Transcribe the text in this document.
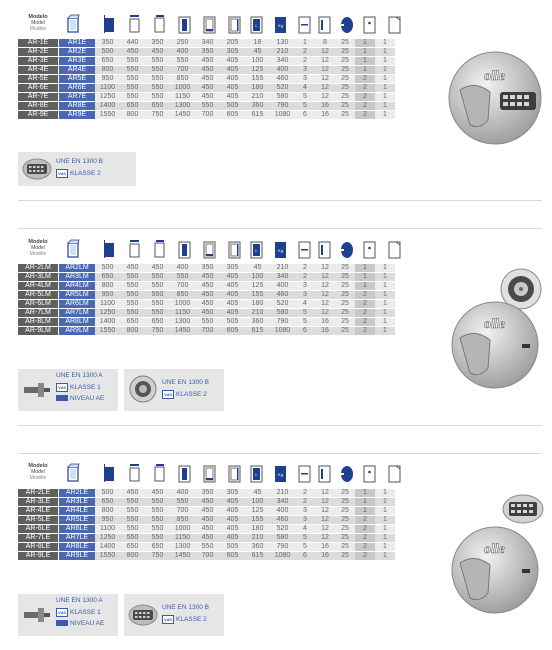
Modelo
Model
Modèle
L	Kg
AR-1E	AR1E	350	440	350	250	340	205	18	130	1	8	25	1	1
AR-2E	AR2E	500	450	450	400	350	305	45	210	2	12	25	1	1
AR-3E	AR3E	650	550	550	550	450	405	100	340	2	12	25	1	1
AR-4E	AR4E	800	550	550	700	450	405	125	400	3	12	25	1	1
AR-5E	AR5E	950	550	550	850	450	405	155	460	3	12	25	2	1
AR-6E	AR6E	1100	550	550	1000	450	405	180	520	4	12	25	2	1
AR-7E	AR7E	1250	550	550	1150	450	405	210	580	5	12	25	2	1
AR-8E	AR8E	1400	650	650	1300	550	505	360	790	5	16	25	2	1
AR-9E	AR9E	1550	800	750	1450	700	605	615	1080	6	16	25	2	1
UNE EN 1300 B
VdS KLASSE 2
olle
Modelo
Model
Modèle
L	Kg
AR-2LM	AR2LM	500	450	450	400	350	305	45	210	2	12	25	1	1
AR-3LM	AR3LM	650	550	550	550	450	405	100	340	2	12	25	1	1
AR-4LM	AR4LM	800	550	550	700	450	405	125	400	3	12	25	1	1
AR-5LM	AR5LM	950	550	550	850	450	405	155	460	3	12	25	2	1
AR-6LM	AR6LM	1100	550	550	1000	450	405	180	520	4	12	25	2	1
AR-7LM	AR7LM	1250	550	550	1150	450	405	210	580	5	12	25	2	1
AR-8LM	AR8LM	1400	650	650	1300	550	505	360	790	5	16	25	2	1
AR-9LM	AR9LM	1550	800	750	1450	700	605	615	1080	6	16	25	2	1
UNE EN 1300 A
VdS KLASSE 1
NIVEAU AE
UNE EN 1300 B
VdS KLASSE 2
olle
Modelo
Model
Modèle
L	Kg
AR-2LE	AR2LE	500	450	450	400	350	305	45	210	2	12	25	1	1
AR-3LE	AR3LE	650	550	550	550	450	405	100	340	2	12	25	1	1
AR-4LE	AR4LE	800	550	550	700	450	405	125	400	3	12	25	1	1
AR-5LE	AR5LE	950	550	550	850	450	405	155	460	3	12	25	2	1
AR-6LE	AR6LE	1100	550	550	1000	450	405	180	520	4	12	25	2	1
AR-7LE	AR7LE	1250	550	550	1150	450	405	210	580	5	12	25	2	1
AR-8LE	AR8LE	1400	650	650	1300	550	505	360	790	5	16	25	2	1
AR-9LE	AR9LE	1550	800	750	1450	700	605	615	1080	6	16	25	2	1
UNE EN 1300 A
VdS KLASSE 1
NIVEAU AE
UNE EN 1300 B
VdS KLASSE 2
olle
